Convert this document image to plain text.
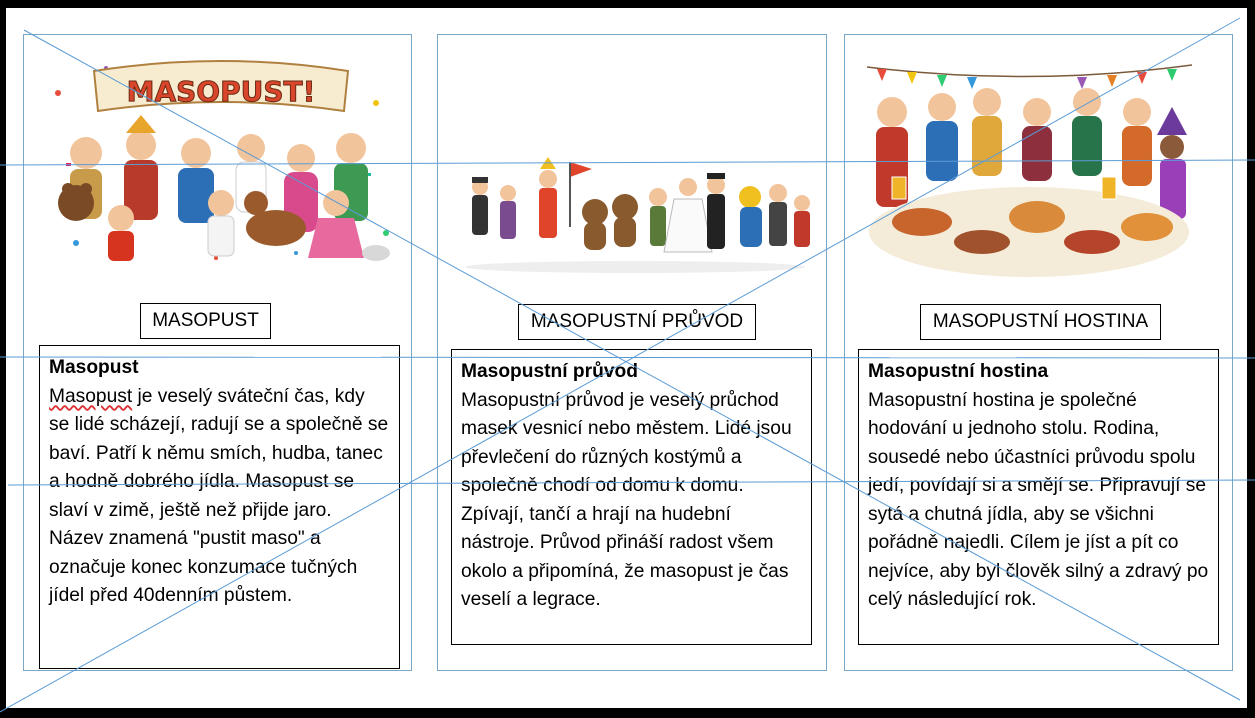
MASOPUST!
MASOPUST	MASOPUSTNÍ PRŮVOD	MASOPUSTNÍ HOSTINA
Masopust
Masopust je veselý sváteční čas, kdy se lidé scházejí, radují se a společně se baví. Patří k němu smích, hudba, tanec a hodně dobrého jídla. Masopust se slaví v zimě, ještě než přijde jaro. Název znamená "pustit maso" a označuje konec konzumace tučných jídel před 40denním půstem.
Masopustní průvod
Masopustní průvod je veselý průchod masek vesnicí nebo městem. Lidé jsou převlečení do různých kostýmů a společně chodí od domu k domu. Zpívají, tančí a hrají na hudební nástroje. Průvod přináší radost všem okolo a připomíná, že masopust je čas veselí a legrace.
Masopustní hostina
Masopustní hostina je společné hodování u jednoho stolu. Rodina, sousedé nebo účastníci průvodu spolu jedí, povídají si a smějí se. Připravují se sytá a chutná jídla, aby se všichni pořádně najedli. Cílem je jíst a pít co nejvíce, aby byl člověk silný a zdravý po celý následující rok.
